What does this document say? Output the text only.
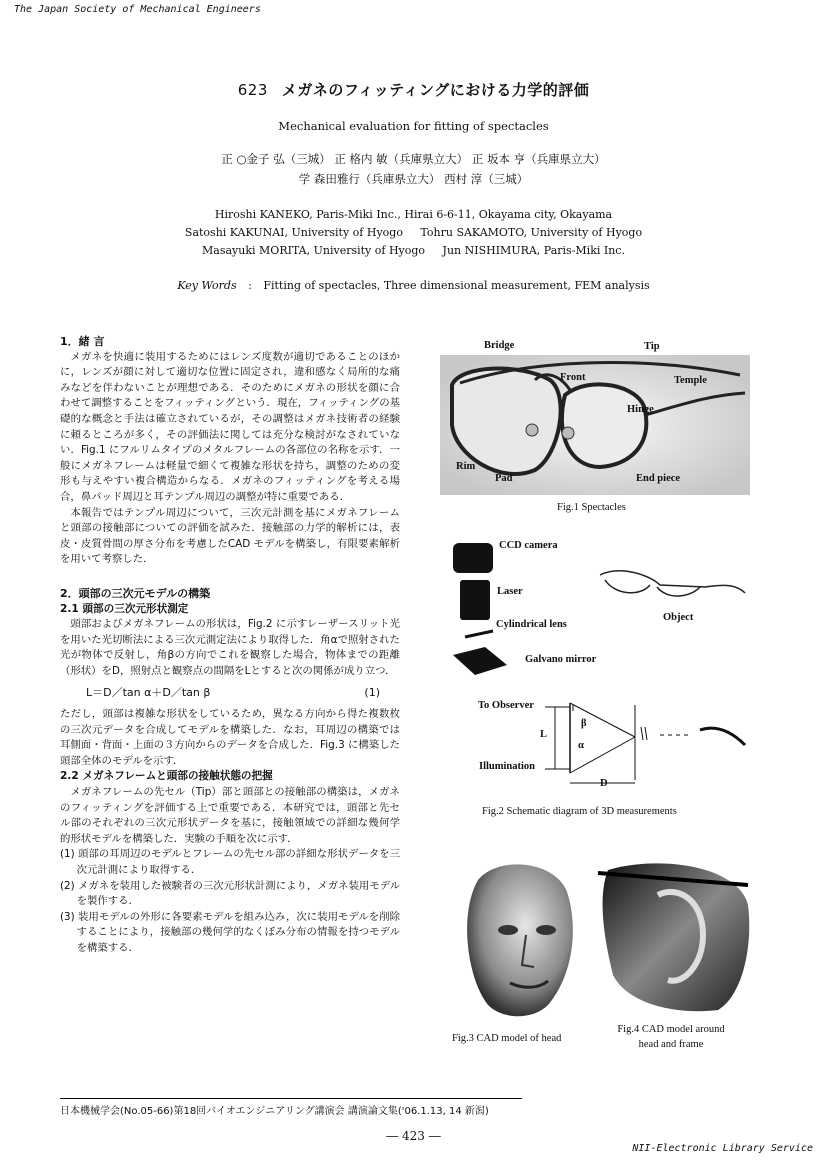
The Japan Society of Mechanical Engineers
623 メガネのフィッティングにおける力学的評価
Mechanical evaluation for fitting of spectacles
正 ○金子 弘（三城） 正 格内 敏（兵庫県立大） 正 坂本 亨（兵庫県立大）
学 森田雅行（兵庫県立大） 西村 淳（三城）
Hiroshi KANEKO, Paris-Miki Inc., Hirai 6-6-11, Okayama city, Okayama
Satoshi KAKUNAI, University of Hyogo     Tohru SAKAMOTO, University of Hyogo
Masayuki MORITA, University of Hyogo     Jun NISHIMURA, Paris-Miki Inc.
Key Words : Fitting of spectacles, Three dimensional measurement, FEM analysis
1．緒 言

メガネを快適に装用するためにはレンズ度数が適切であることのほかに，レンズが顔に対して適切な位置に固定され，違和感なく局所的な痛みなどを伴わないことが理想である．そのためにメガネの形状を顔に合わせて調整することをフィッティングという．現在，フィッティングの基礎的な概念と手法は確立されているが，その調整はメガネ技術者の経験に頼るところが多く，その評価法に関しては充分な検討がなされていない．Fig.1 にフルリムタイプのメタルフレームの各部位の名称を示す．一般にメガネフレームは軽量で細くて複雑な形状を持ち，調整のための変形も与えやすい複合構造からなる．メガネのフィッティングを考える場合，鼻パッド周辺と耳テンプル周辺の調整が特に重要である．

本報告ではテンプル周辺について，三次元計測を基にメガネフレームと頭部の接触部についての評価を試みた．接触部の力学的解析には，表皮・皮質骨間の厚さ分布を考慮したCAD モデルを構築し，有限要素解析を用いて考察した．

2．頭部の三次元モデルの構築
2.1 頭部の三次元形状測定

頭部およびメガネフレームの形状は，Fig.2 に示すレーザースリット光を用いた光切断法による三次元測定法により取得した．角αで照射された光が物体で反射し，角βの方向でこれを観察した場合，物体までの距離（形状）をD，照射点と観察点の間隔をLとすると次の関係が成り立つ．

L＝D／tan α＋D／tan β	(1)

ただし，頭部は複雑な形状をしているため，異なる方向から得た複数枚の三次元データを合成してモデルを構築した．なお，耳周辺の構築では耳側面・背面・上面の３方向からのデータを合成した．Fig.3 に構築した頭部全体のモデルを示す．

2.2 メガネフレームと頭部の接触状態の把握

メガネフレームの先セル（Tip）部と頭部との接触部の構築は，メガネのフィッティングを評価する上で重要である．本研究では，頭部と先セル部のそれぞれの三次元形状データを基に，接触領域での詳細な幾何学的形状モデルを構築した．実験の手順を次に示す．

(1) 頭部の耳周辺のモデルとフレームの先セル部の詳細な形状データを三次元計測により取得する．

(2) メガネを装用した被験者の三次元形状計測により，メガネ装用モデルを製作する．

(3) 装用モデルの外形に各要素モデルを組み込み，次に装用モデルを削除することにより，接触部の幾何学的なくぼみ分布の情報を持つモデルを構築する．

Bridge	Tip
Front	Temple
Hinge
Rim
Pad	End piece
Fig.1 Spectacles
CCD camera
Laser
Cylindrical lens
Object
Galvano mirror
To Observer
Illumination
L
D
α
β
Fig.2 Schematic diagram of 3D measurements
Fig.3 CAD model of head
Fig.4 CAD model around
head and frame
日本機械学会(No.05-66)第18回バイオエンジニアリング講演会 講演論文集('06.1.13, 14 新潟)
― 423 ―
NII-Electronic Library Service
